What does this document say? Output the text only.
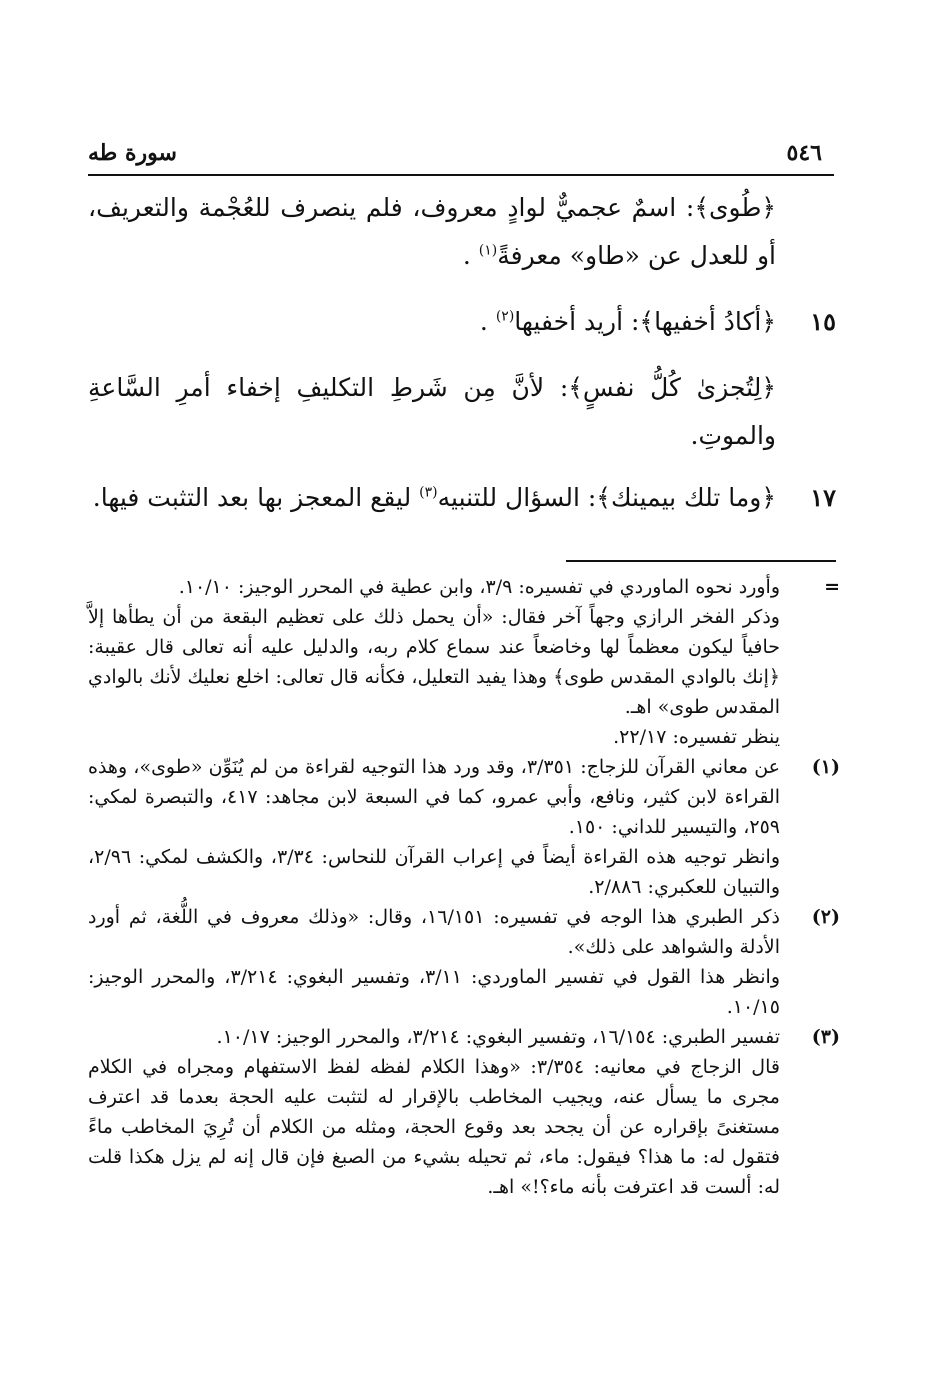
٥٤٦
سورة طه
﴿طُوى﴾: اسمٌ عجميٌّ لوادٍ معروف، فلم ينصرف للعُجْمة والتعريف، أو للعدل عن «طاو» معرفةً$^{(١)}$ .
١٥
﴿أكادُ أخفيها﴾: أريد أخفيها$^{(٢)}$ .
﴿لِتُجزىٰ كُلُّ نفسٍ﴾: لأنَّ مِن شَرطِ التكليفِ إخفاء أمرِ السَّاعةِ والموتِ.
١٧
﴿وما تلك بيمينك﴾: السؤال للتنبيه$^{(٣)}$ ليقع المعجز بها بعد التثبت فيها.
=
وأورد نحوه الماوردي في تفسيره: ٣/٩، وابن عطية في المحرر الوجيز: ١٠/١٠.
وذكر الفخر الرازي وجهاً آخر فقال: «أن يحمل ذلك على تعظيم البقعة من أن يطأها إلاَّ حافياً ليكون معظماً لها وخاضعاً عند سماع كلام ربه، والدليل عليه أنه تعالى قال عقيبة: ﴿إنك بالوادي المقدس طوى﴾ وهذا يفيد التعليل، فكأنه قال تعالى: اخلع نعليك لأنك بالوادي المقدس طوى» اهـ.
ينظر تفسيره: ٢٢/١٧.
(١)
عن معاني القرآن للزجاج: ٣/٣٥١، وقد ورد هذا التوجيه لقراءة من لم يُنَوِّن «طوى»، وهذه القراءة لابن كثير، ونافع، وأبي عمرو، كما في السبعة لابن مجاهد: ٤١٧، والتبصرة لمكي: ٢٥٩، والتيسير للداني: ١٥٠.
وانظر توجيه هذه القراءة أيضاً في إعراب القرآن للنحاس: ٣/٣٤، والكشف لمكي: ٢/٩٦، والتبيان للعكبري: ٢/٨٨٦.
(٢)
ذكر الطبري هذا الوجه في تفسيره: ١٦/١٥١، وقال: «وذلك معروف في اللُّغة، ثم أورد الأدلة والشواهد على ذلك».
وانظر هذا القول في تفسير الماوردي: ٣/١١، وتفسير البغوي: ٣/٢١٤، والمحرر الوجيز: ١٠/١٥.
(٣)
تفسير الطبري: ١٦/١٥٤، وتفسير البغوي: ٣/٢١٤، والمحرر الوجيز: ١٠/١٧.
قال الزجاج في معانيه: ٣/٣٥٤: «وهذا الكلام لفظه لفظ الاستفهام ومجراه في الكلام مجرى ما يسأل عنه، ويجيب المخاطب بالإقرار له لتثبت عليه الحجة بعدما قد اعترف مستغنىً بإقراره عن أن يجحد بعد وقوع الحجة، ومثله من الكلام أن تُرِيَ المخاطب ماءً فتقول له: ما هذا؟ فيقول: ماء، ثم تحيله بشيء من الصبغ فإن قال إنه لم يزل هكذا قلت له: ألست قد اعترفت بأنه ماء؟!» اهـ.
